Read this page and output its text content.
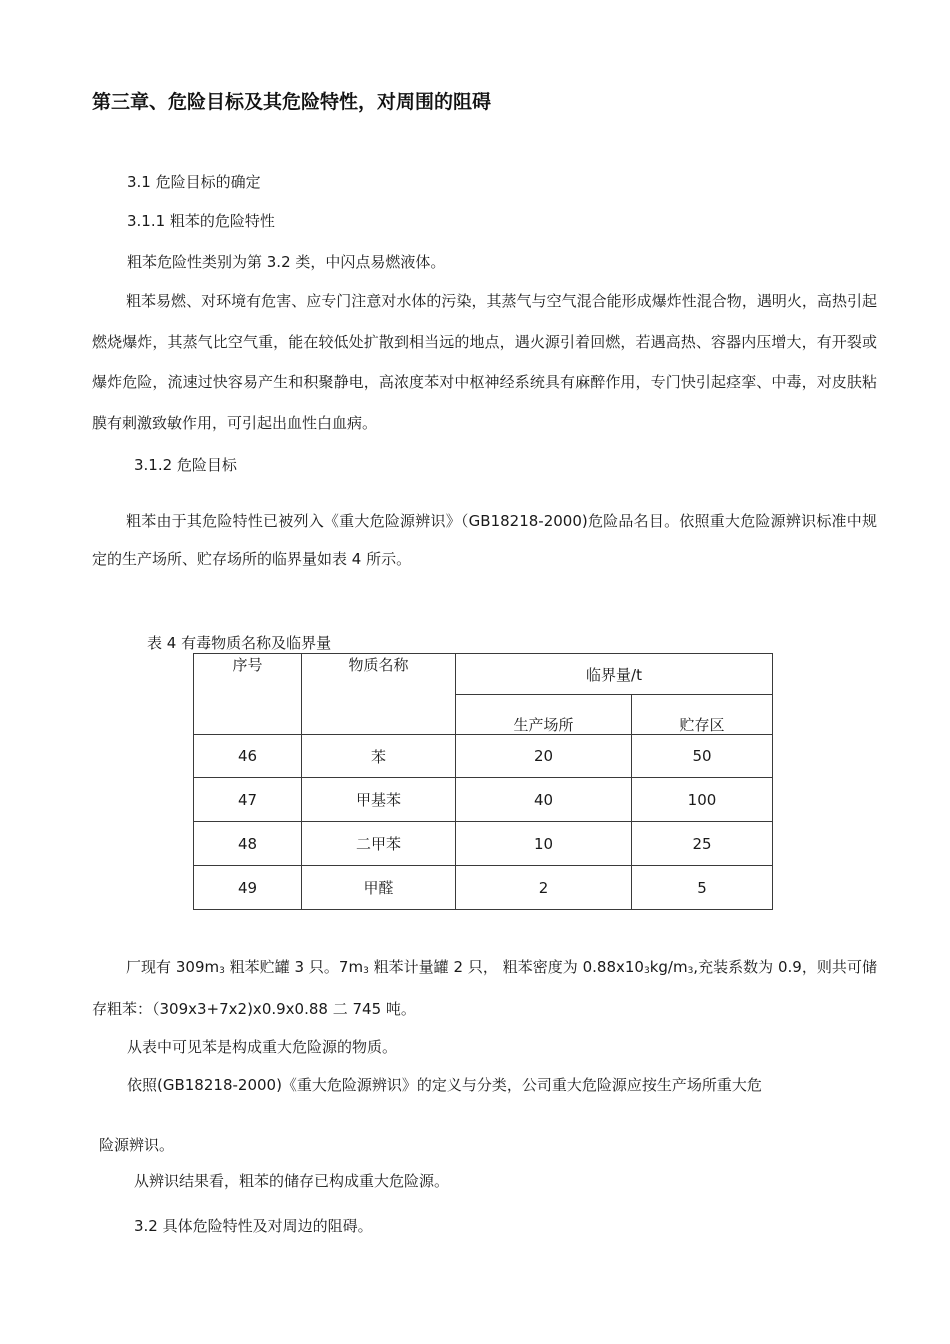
第三章、危险目标及其危险特性，对周围的阻碍
3.1 危险目标的确定
3.1.1 粗苯的危险特性
粗苯危险性类别为第 3.2 类，中闪点易燃液体。
粗苯易燃、对环境有危害、应专门注意对水体的污染，其蒸气与空气混合能形成爆炸性混合物，遇明火，高热引起燃烧爆炸，其蒸气比空气重，能在较低处扩散到相当远的地点，遇火源引着回燃，若遇高热、容器内压增大，有开裂或爆炸危险，流速过快容易产生和积聚静电，高浓度苯对中枢神经系统具有麻醉作用，专门快引起痉挛、中毒，对皮肤粘膜有刺激致敏作用，可引起出血性白血病。
3.1.2 危险目标
粗苯由于其危险特性已被列入《重大危险源辨识》（GB18218-2000)危险品名目。依照重大危险源辨识标准中规定的生产场所、贮存场所的临界量如表 4 所示。
表 4 有毒物质名称及临界量
序号	物质名称	临界量/t	
		生产场所	贮存区
46	苯	20	50
47	甲基苯	40	100
48	二甲苯	10	25
49	甲醛	2	5
厂现有 $309m_3$ 粗苯贮罐 3 只。$7m_3$ 粗苯计量罐 2 只， 粗苯密度为 $0.88x10_3kg/m_3$,充装系数为 0.9，则共可储存粗苯：（309x3+7x2)x0.9x0.88 二 745 吨。
从表中可见苯是构成重大危险源的物质。
依照(GB18218-2000)《重大危险源辨识》的定义与分类，公司重大危险源应按生产场所重大危
险源辨识。
从辨识结果看，粗苯的储存已构成重大危险源。
3.2 具体危险特性及对周边的阻碍。
